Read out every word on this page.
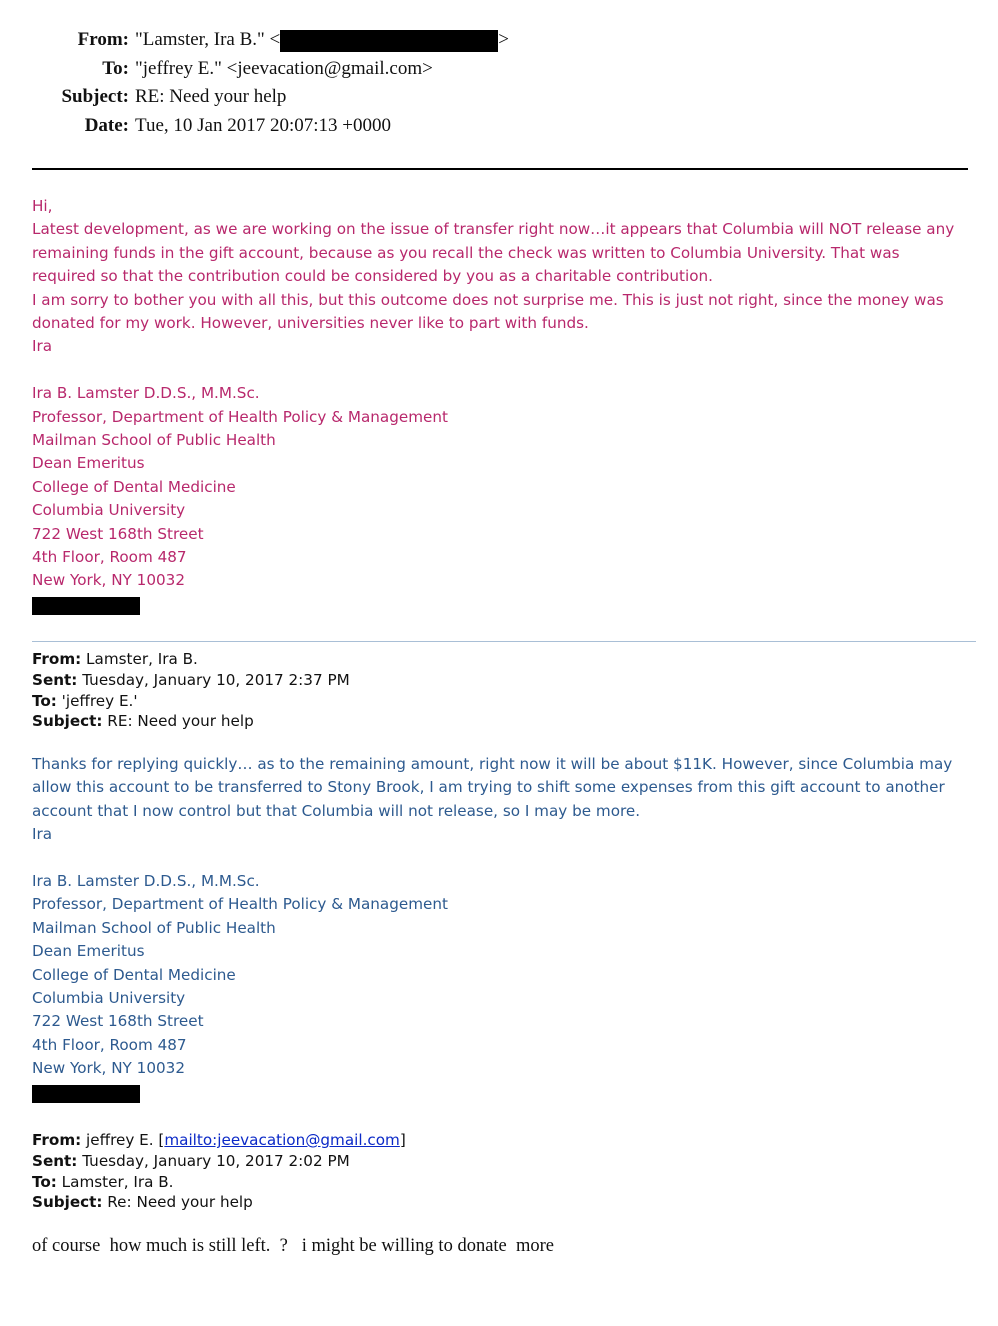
From: "Lamster, Ira B." <	>
To: "jeffrey E." <jeevacation@gmail.com>
Subject: RE: Need your help
Date: Tue, 10 Jan 2017 20:07:13 +0000
Hi,
Latest development, as we are working on the issue of transfer right now…it appears that Columbia will NOT release any
remaining funds in the gift account, because as you recall the check was written to Columbia University. That was
required so that the contribution could be considered by you as a charitable contribution.
I am sorry to bother you with all this, but this outcome does not surprise me. This is just not right, since the money was
donated for my work. However, universities never like to part with funds.
Ira
Ira B. Lamster D.D.S., M.M.Sc.
Professor, Department of Health Policy & Management
Mailman School of Public Health
Dean Emeritus
College of Dental Medicine
Columbia University
722 West 168th Street
4th Floor, Room 487
New York, NY 10032
From: Lamster, Ira B.
Sent: Tuesday, January 10, 2017 2:37 PM
To: 'jeffrey E.'
Subject: RE: Need your help
Thanks for replying quickly… as to the remaining amount, right now it will be about $11K. However, since Columbia may
allow this account to be transferred to Stony Brook, I am trying to shift some expenses from this gift account to another
account that I now control but that Columbia will not release, so I may be more.
Ira
Ira B. Lamster D.D.S., M.M.Sc.
Professor, Department of Health Policy & Management
Mailman School of Public Health
Dean Emeritus
College of Dental Medicine
Columbia University
722 West 168th Street
4th Floor, Room 487
New York, NY 10032
From: jeffrey E. [mailto:jeevacation@gmail.com]
Sent: Tuesday, January 10, 2017 2:02 PM
To: Lamster, Ira B.
Subject: Re: Need your help
of course  how much is still left.  ?   i might be willing to donate  more
